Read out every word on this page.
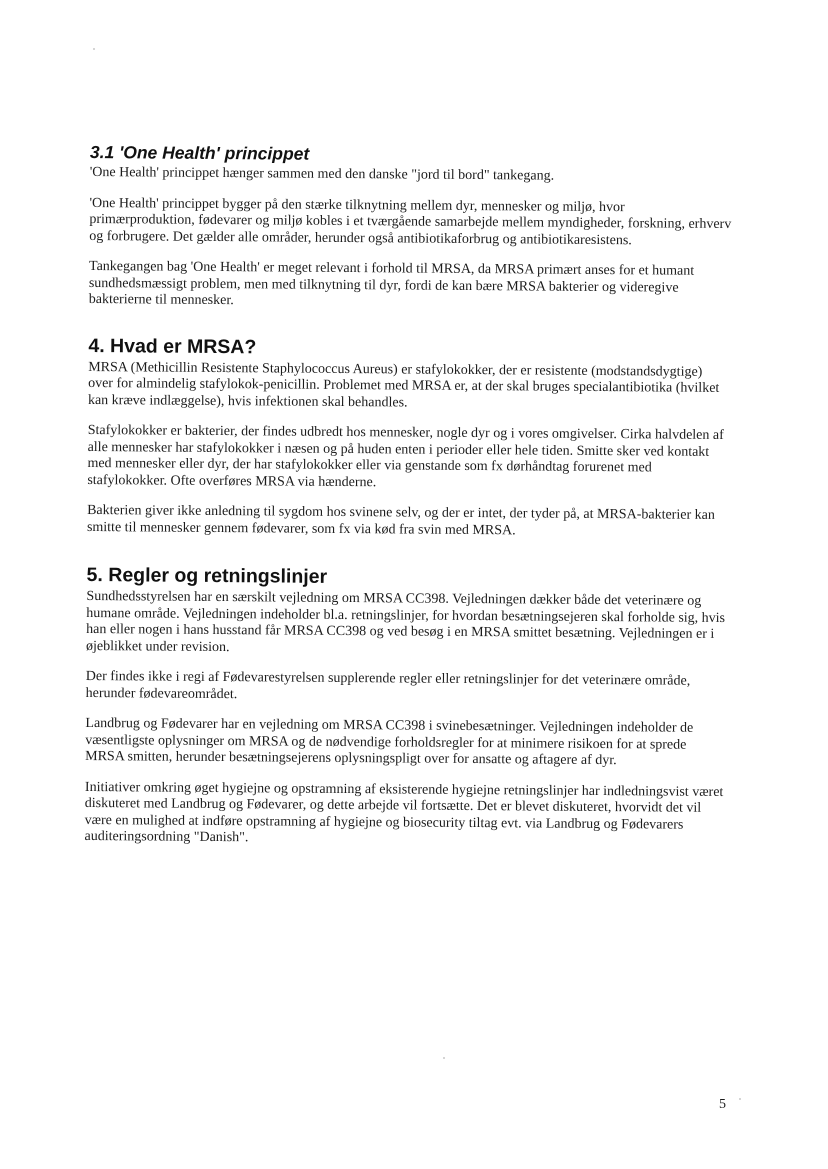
3.1 'One Health' princippet

'One Health' princippet hænger sammen med den danske "jord til bord" tankegang.

'One Health' princippet bygger på den stærke tilknytning mellem dyr, mennesker og miljø, hvor primærproduktion, fødevarer og miljø kobles i et tværgående samarbejde mellem myndigheder, forskning, erhverv og forbrugere. Det gælder alle områder, herunder også antibiotikaforbrug og antibiotikaresistens.

Tankegangen bag 'One Health' er meget relevant i forhold til MRSA, da MRSA primært anses for et humant sundhedsmæssigt problem, men med tilknytning til dyr, fordi de kan bære MRSA bakterier og videregive bakterierne til mennesker.

4. Hvad er MRSA?

MRSA (Methicillin Resistente Staphylococcus Aureus) er stafylokokker, der er resistente (modstandsdygtige) over for almindelig stafylokok-penicillin. Problemet med MRSA er, at der skal bruges specialantibiotika (hvilket kan kræve indlæggelse), hvis infektionen skal behandles.

Stafylokokker er bakterier, der findes udbredt hos mennesker, nogle dyr og i vores omgivelser. Cirka halvdelen af alle mennesker har stafylokokker i næsen og på huden enten i perioder eller hele tiden. Smitte sker ved kontakt med mennesker eller dyr, der har stafylokokker eller via genstande som fx dørhåndtag forurenet med stafylokokker. Ofte overføres MRSA via hænderne.

Bakterien giver ikke anledning til sygdom hos svinene selv, og der er intet, der tyder på, at MRSA-bakterier kan smitte til mennesker gennem fødevarer, som fx via kød fra svin med MRSA.

5. Regler og retningslinjer

Sundhedsstyrelsen har en særskilt vejledning om MRSA CC398. Vejledningen dækker både det veterinære og humane område. Vejledningen indeholder bl.a. retningslinjer, for hvordan besætningsejeren skal forholde sig, hvis han eller nogen i hans husstand får MRSA CC398 og ved besøg i en MRSA smittet besætning. Vejledningen er i øjeblikket under revision.

Der findes ikke i regi af Fødevarestyrelsen supplerende regler eller retningslinjer for det veterinære område, herunder fødevareområdet.

Landbrug og Fødevarer har en vejledning om MRSA CC398 i svinebesætninger. Vejledningen indeholder de væsentligste oplysninger om MRSA og de nødvendige forholdsregler for at minimere risikoen for at sprede MRSA smitten, herunder besætningsejerens oplysningspligt over for ansatte og aftagere af dyr.

Initiativer omkring øget hygiejne og opstramning af eksisterende hygiejne retningslinjer har indledningsvist været diskuteret med Landbrug og Fødevarer, og dette arbejde vil fortsætte. Det er blevet diskuteret, hvorvidt det vil være en mulighed at indføre opstramning af hygiejne og biosecurity tiltag evt. via Landbrug og Fødevarers auditeringsordning "Danish".

5
